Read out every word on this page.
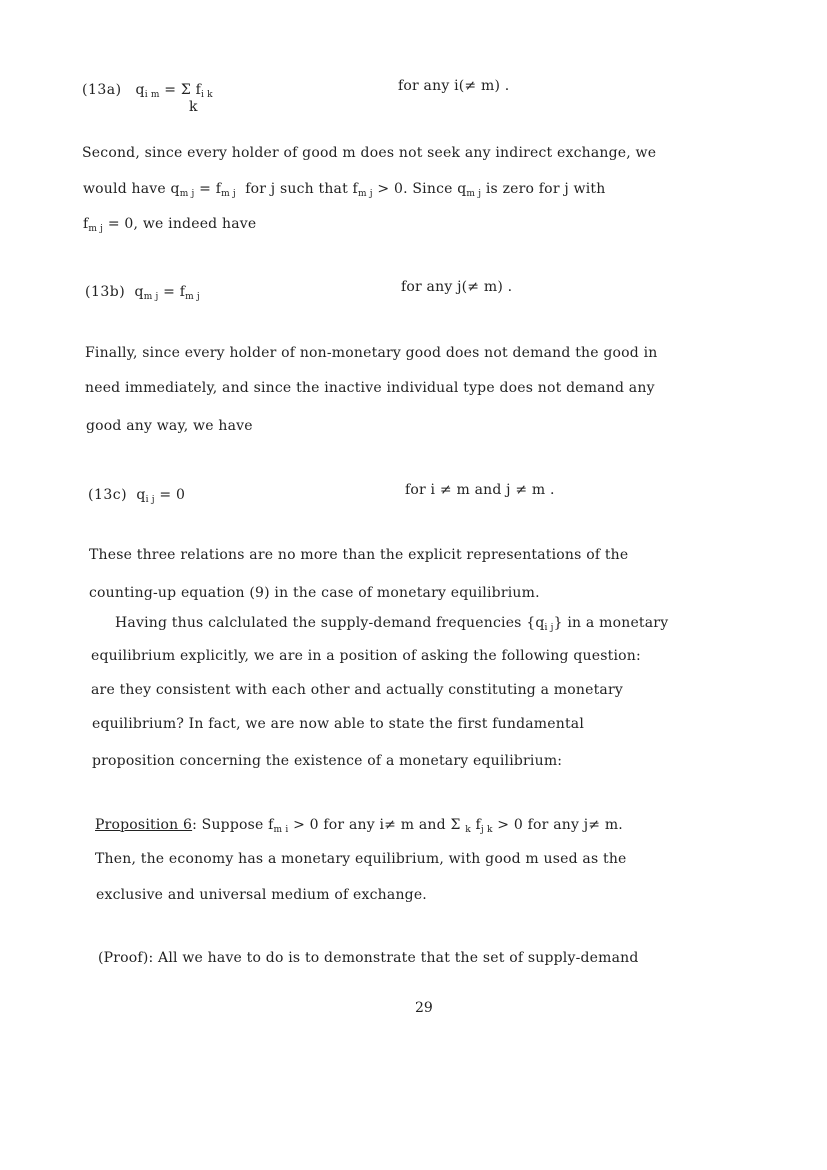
(13a) $q_{i m} = \Sigma$ $f_{i k}$
k
for any i(≠ m) .
Second, since every holder of good m does not seek any indirect exchange, we
would have $q_{m j} = f_{m j}$ for j such that $f_{m j} > 0$. Since $q_{m j}$ is zero for j with
$f_{m j} = 0$, we indeed have
(13b) $q_{m j} = f_{m j}$
for any j(≠ m) .
Finally, since every holder of non-monetary good does not demand the good in
need immediately, and since the inactive individual type does not demand any
good any way, we have
(13c) $q_{i j} = 0$	for i ≠ m and j ≠ m .
These three relations are no more than the explicit representations of the
counting-up equation (9) in the case of monetary equilibrium.
Having thus calclulated the supply-demand frequencies $\{q_{i j}\}$ in a monetary
equilibrium explicitly, we are in a position of asking the following question:
are they consistent with each other and actually constituting a monetary
equilibrium? In fact, we are now able to state the first fundamental
proposition concerning the existence of a monetary equilibrium:
Proposition 6: Suppose $f_{m i} > 0$ for any i≠ m and Σ $_k$ $f_{j k} > 0$ for any j≠ m.
Then, the economy has a monetary equilibrium, with good m used as the
exclusive and universal medium of exchange.
(Proof): All we have to do is to demonstrate that the set of supply-demand
29
